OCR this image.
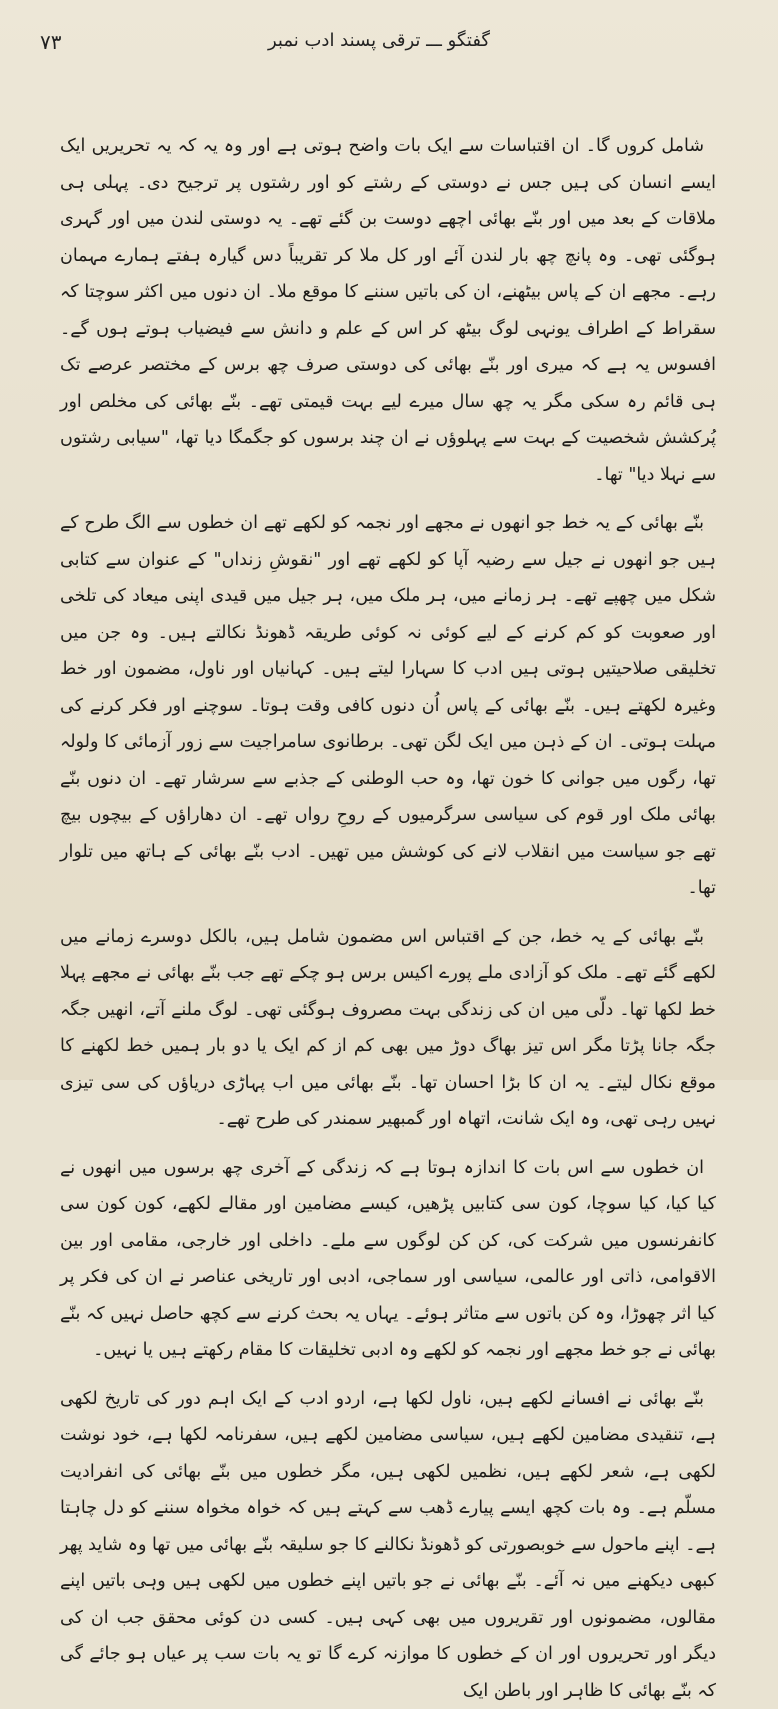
۷۳	گفتگو ـــ ترقی پسند ادب نمبر

شامل کروں گا۔ ان اقتباسات سے ایک بات واضح ہوتی ہے اور وہ یہ کہ یہ تحریریں ایک ایسے انسان کی ہیں جس نے دوستی کے رشتے کو اور رشتوں پر ترجیح دی۔ پہلی ہی ملاقات کے بعد میں اور بنّے بھائی اچھے دوست بن گئے تھے۔ یہ دوستی لندن میں اور گہری ہوگئی تھی۔ وہ پانچ چھ بار لندن آئے اور کل ملا کر تقریباً دس گیارہ ہفتے ہمارے مہمان رہے۔ مجھے ان کے پاس بیٹھنے، ان کی باتیں سننے کا موقع ملا۔ ان دنوں میں اکثر سوچتا کہ سقراط کے اطراف یونہی لوگ بیٹھ کر اس کے علم و دانش سے فیضیاب ہوتے ہوں گے۔ افسوس یہ ہے کہ میری اور بنّے بھائی کی دوستی صرف چھ برس کے مختصر عرصے تک ہی قائم رہ سکی مگر یہ چھ سال میرے لیے بہت قیمتی تھے۔ بنّے بھائی کی مخلص اور پُرکشش شخصیت کے بہت سے پہلوؤں نے ان چند برسوں کو جگمگا دیا تھا، "سیابی رشتوں سے نہلا دیا" تھا۔

بنّے بھائی کے یہ خط جو انھوں نے مجھے اور نجمہ کو لکھے تھے ان خطوں سے الگ طرح کے ہیں جو انھوں نے جیل سے رضیہ آپا کو لکھے تھے اور "نقوشِ زنداں" کے عنوان سے کتابی شکل میں چھپے تھے۔ ہر زمانے میں، ہر ملک میں، ہر جیل میں قیدی اپنی میعاد کی تلخی اور صعوبت کو کم کرنے کے لیے کوئی نہ کوئی طریقہ ڈھونڈ نکالتے ہیں۔ وہ جن میں تخلیقی صلاحیتیں ہوتی ہیں ادب کا سہارا لیتے ہیں۔ کہانیاں اور ناول، مضمون اور خط وغیرہ لکھتے ہیں۔ بنّے بھائی کے پاس اُن دنوں کافی وقت ہوتا۔ سوچنے اور فکر کرنے کی مہلت ہوتی۔ ان کے ذہن میں ایک لگن تھی۔ برطانوی سامراجیت سے زور آزمائی کا ولولہ تھا، رگوں میں جوانی کا خون تھا، وہ حب الوطنی کے جذبے سے سرشار تھے۔ ان دنوں بنّے بھائی ملک اور قوم کی سیاسی سرگرمیوں کے روحِ رواں تھے۔ ان دھاراؤں کے بیچوں بیچ تھے جو سیاست میں انقلاب لانے کی کوشش میں تھیں۔ ادب بنّے بھائی کے ہاتھ میں تلوار تھا۔

بنّے بھائی کے یہ خط، جن کے اقتباس اس مضمون شامل ہیں، بالکل دوسرے زمانے میں لکھے گئے تھے۔ ملک کو آزادی ملے پورے اکیس برس ہو چکے تھے جب بنّے بھائی نے مجھے پہلا خط لکھا تھا۔ دلّی میں ان کی زندگی بہت مصروف ہوگئی تھی۔ لوگ ملنے آتے، انھیں جگہ جگہ جانا پڑتا مگر اس تیز بھاگ دوڑ میں بھی کم از کم ایک یا دو بار ہمیں خط لکھنے کا موقع نکال لیتے۔ یہ ان کا بڑا احسان تھا۔ بنّے بھائی میں اب پہاڑی دریاؤں کی سی تیزی نہیں رہی تھی، وہ ایک شانت، اتھاہ اور گمبھیر سمندر کی طرح تھے۔

ان خطوں سے اس بات کا اندازہ ہوتا ہے کہ زندگی کے آخری چھ برسوں میں انھوں نے کیا کیا، کیا سوچا، کون سی کتابیں پڑھیں، کیسے مضامین اور مقالے لکھے، کون کون سی کانفرنسوں میں شرکت کی، کن کن لوگوں سے ملے۔ داخلی اور خارجی، مقامی اور بین الاقوامی، ذاتی اور عالمی، سیاسی اور سماجی، ادبی اور تاریخی عناصر نے ان کی فکر پر کیا اثر چھوڑا، وہ کن باتوں سے متاثر ہوئے۔ یہاں یہ بحث کرنے سے کچھ حاصل نہیں کہ بنّے بھائی نے جو خط مجھے اور نجمہ کو لکھے وہ ادبی تخلیقات کا مقام رکھتے ہیں یا نہیں۔

بنّے بھائی نے افسانے لکھے ہیں، ناول لکھا ہے، اردو ادب کے ایک اہم دور کی تاریخ لکھی ہے، تنقیدی مضامین لکھے ہیں، سیاسی مضامین لکھے ہیں، سفرنامہ لکھا ہے، خود نوشت لکھی ہے، شعر لکھے ہیں، نظمیں لکھی ہیں، مگر خطوں میں بنّے بھائی کی انفرادیت مسلّم ہے۔ وہ بات کچھ ایسے پیارے ڈھب سے کہتے ہیں کہ خواہ مخواہ سننے کو دل چاہتا ہے۔ اپنے ماحول سے خوبصورتی کو ڈھونڈ نکالنے کا جو سلیقہ بنّے بھائی میں تھا وہ شاید پھر کبھی دیکھنے میں نہ آئے۔ بنّے بھائی نے جو باتیں اپنے خطوں میں لکھی ہیں وہی باتیں اپنے مقالوں، مضمونوں اور تقریروں میں بھی کہی ہیں۔ کسی دن کوئی محقق جب ان کی دیگر اور تحریروں اور ان کے خطوں کا موازنہ کرے گا تو یہ بات سب پر عیاں ہو جائے گی کہ بنّے بھائی کا ظاہر اور باطن ایک
